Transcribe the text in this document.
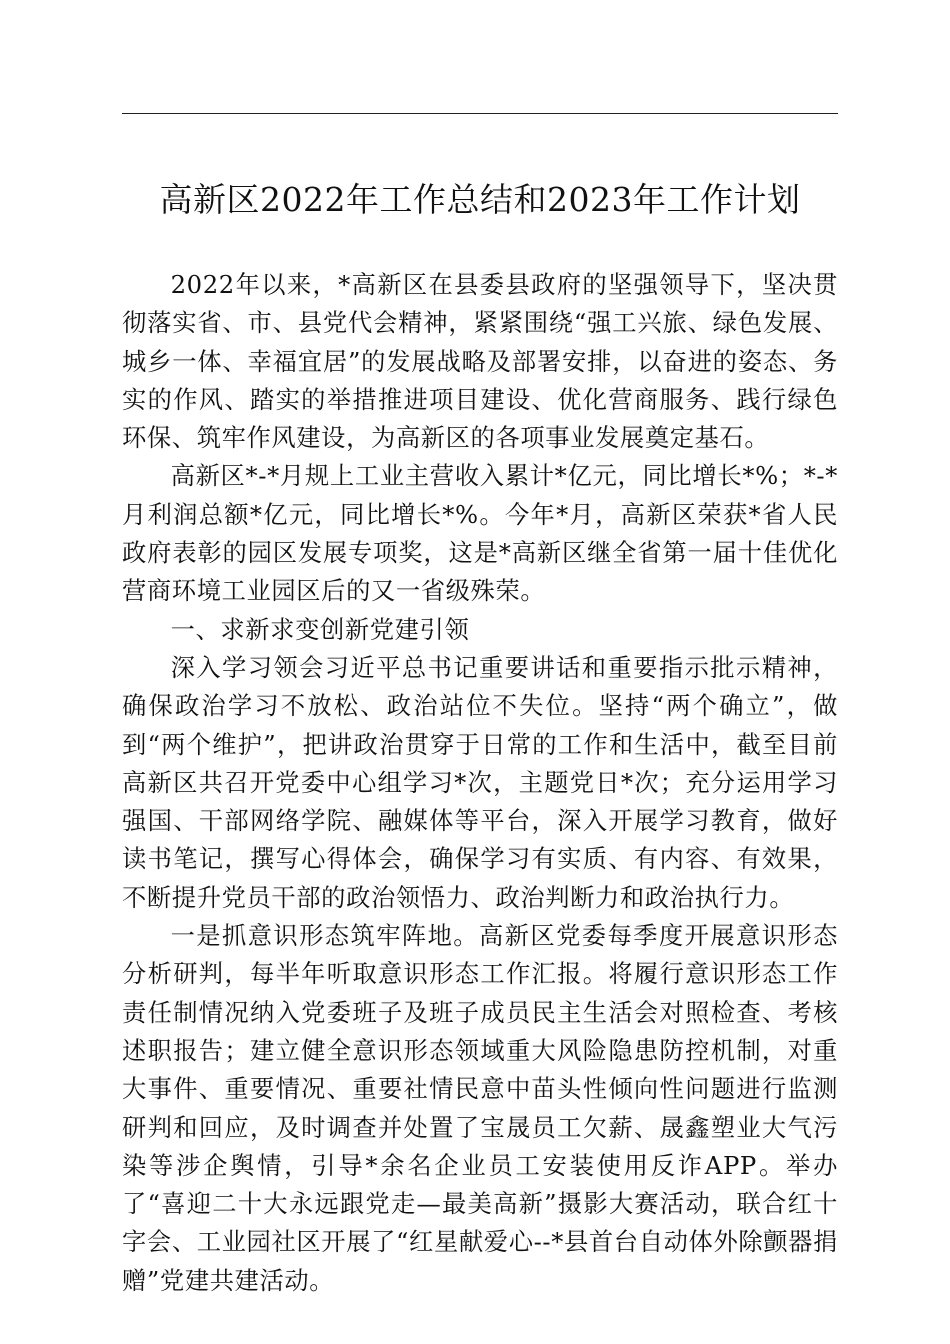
高新区2022年工作总结和2023年工作计划

2022年以来，*高新区在县委县政府的坚强领导下，坚决贯彻落实省、市、县党代会精神，紧紧围绕“强工兴旅、绿色发展、城乡一体、幸福宜居”的发展战略及部署安排，以奋进的姿态、务实的作风、踏实的举措推进项目建设、优化营商服务、践行绿色环保、筑牢作风建设，为高新区的各项事业发展奠定基石。

高新区*-*月规上工业主营收入累计*亿元，同比增长*%；*-*月利润总额*亿元，同比增长*%。今年*月，高新区荣获*省人民政府表彰的园区发展专项奖，这是*高新区继全省第一届十佳优化营商环境工业园区后的又一省级殊荣。

一、求新求变创新党建引领

深入学习领会习近平总书记重要讲话和重要指示批示精神，确保政治学习不放松、政治站位不失位。坚持“两个确立”，做到“两个维护”，把讲政治贯穿于日常的工作和生活中，截至目前高新区共召开党委中心组学习*次，主题党日*次；充分运用学习强国、干部网络学院、融媒体等平台，深入开展学习教育，做好读书笔记，撰写心得体会，确保学习有实质、有内容、有效果，不断提升党员干部的政治领悟力、政治判断力和政治执行力。

一是抓意识形态筑牢阵地。高新区党委每季度开展意识形态分析研判，每半年听取意识形态工作汇报。将履行意识形态工作责任制情况纳入党委班子及班子成员民主生活会对照检查、考核述职报告；建立健全意识形态领域重大风险隐患防控机制，对重大事件、重要情况、重要社情民意中苗头性倾向性问题进行监测研判和回应，及时调查并处置了宝晟员工欠薪、晟鑫塑业大气污染等涉企舆情，引导*余名企业员工安装使用反诈APP。举办了“喜迎二十大永远跟党走—最美高新”摄影大赛活动，联合红十字会、工业园社区开展了“红星献爱心--*县首台自动体外除颤器捐赠”党建共建活动。
